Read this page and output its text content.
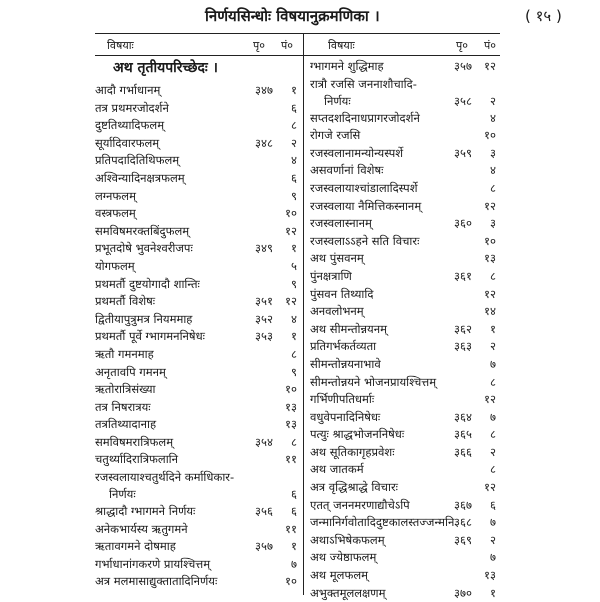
निर्णयसिन्धोः विषयानुक्रमणिका ।	( १५ )
विषयाः	पृ० पं०	विषयाः	पृ० पं०
अथ तृतीयपरिच्छेदः ।
आदौ गर्भाधानम्	३४७	१
तत्र प्रथमरजोदर्शने	६
दुष्टतिथ्यादिफलम्	८
सूर्यादिवारफलम्	३४८	२
प्रतिपदादितिथिफलम्	४
अश्विन्यादिनक्षत्रफलम्	६
लग्नफलम्	९
वस्त्रफलम्	१०
समविषमरक्तबिंदुफलम्	१२
प्रभूतदोषे भुवनेश्वरीजपः	३४९	१
योगफलम्	५
प्रथमर्तौ दुष्टयोगादौ शान्तिः	९
प्रथमर्तौ विशेषः	३५१	१२
द्वितीयापुत्रुमत्र नियममाह	३५२	४
प्रथमर्तौ पूर्वे ग्भागमननिषेधः	३५३	१
ऋतौ गमनमाह	८
अनृतावपि गमनम्	९
ऋतोरात्रिसंख्या	१०
तत्र निषरात्रयः	१३
तत्रतिथ्यादानाह	१३
समविषमरात्रिफलम्	३५४	८
चतुर्थ्यादिरात्रिफलानि	११
रजस्वलायाश्चतुर्थदिने कर्माधिकार-
निर्णयः	६
श्राद्धादौ ग्भागमने निर्णयः	३५६	६
अनेकभार्यस्य ऋतुगमने	११
ऋतावगमने दोषमाह	३५७	१
गर्भाधानांगकरणे प्रायश्चित्तम्	७
अत्र मलमासाद्युक्तातादिनिर्णयः	१०
ग्भागमने शुद्धिमाह	३५७	१२
रात्रौ रजसि जननाशौचादि-
निर्णयः	३५८	२
सप्तदशदिनाधप्रागरजोदर्शने	४
रोगजे रजसि	१०
रजस्वलानामन्योन्यस्पर्शे	३५९	३
असवर्णानां विशेषः	४
रजस्वलायाश्चांडालादिस्पर्शे	८
रजस्वलाया नैमित्तिकस्नानम्	१२
रजस्वलास्नानम्	३६०	३
रजस्वलाऽऽहने सति विचारः	१०
अथ पुंसवनम्	१३
पुंनक्षत्राणि	३६१	८
पुंसवन तिथ्यादि	१२
अनवलोभनम्	१४
अथ सीमन्तोन्नयनम्	३६२	१
प्रतिगर्भकर्तव्यता	३६३	२
सीमन्तोन्नयनाभावे	७
सीमन्तोन्नयने भोजनप्रायश्चित्तम्	८
गर्भिणीपतिधर्माः	१२
वधुवेपनादिनिषेधः	३६४	७
पत्युः श्राद्धभोजननिषेधः	३६५	८
अथ सूतिकागृहप्रवेशः	३६६	२
अथ जातकर्म	८
अत्र वृद्धिश्राद्धे विचारः	१२
एतत् जननमरणाद्यौचेऽपि	३६७	६
जन्मानिर्गवोतादिदुष्टकालस्तज्जन्मनि ३६८	७
अथाऽभिषेकफलम्	३६९	२
अथ ज्येष्ठाफलम्	७
अथ मूलफलम्	१३
अभुक्तमूललक्षणम्	३७०	१
